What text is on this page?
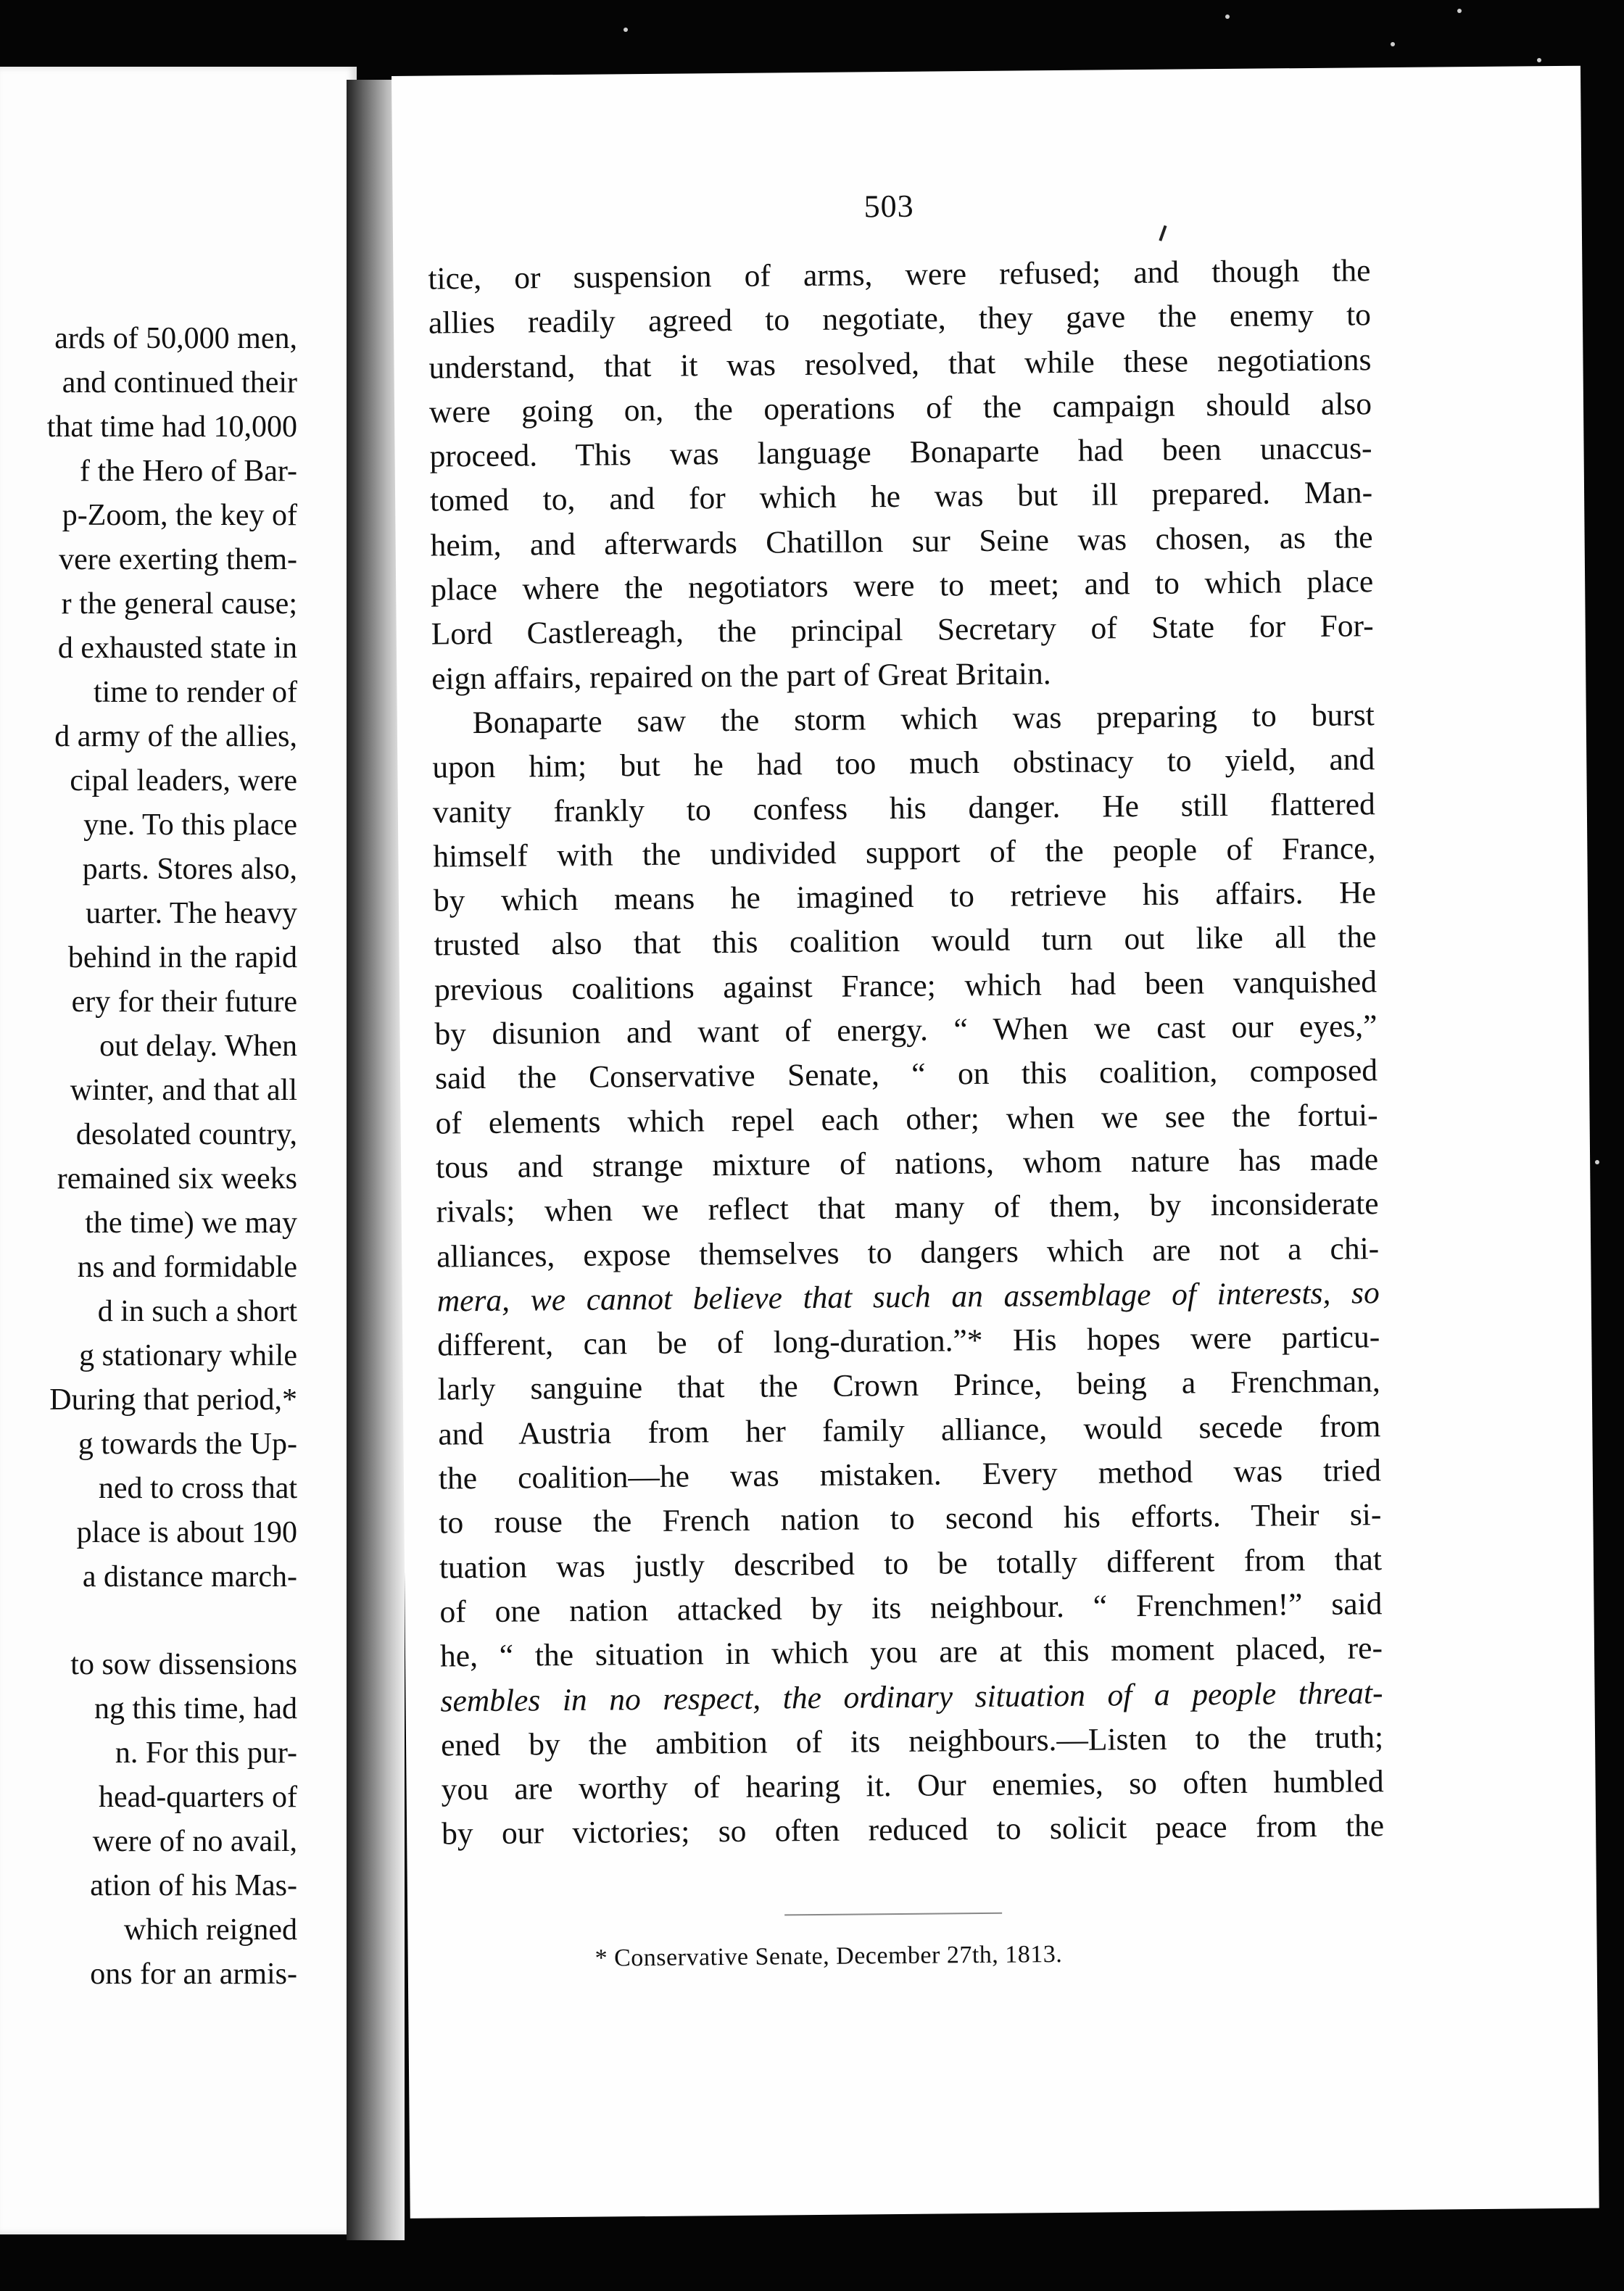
ards of 50,000 men,
and continued their
that time had 10,000
f the Hero of Bar-
p-Zoom, the key of
vere exerting them-
r the general cause;
d exhausted state in
time to render of
d army of the allies,
cipal leaders, were
yne. To this place
parts. Stores also,
uarter. The heavy
behind in the rapid
ery for their future
out delay. When
winter, and that all
desolated country,
remained six weeks
the time) we may
ns and formidable
d in such a short
g stationary while
During that period,*
g towards the Up-
ned to cross that
place is about 190
a distance march-
to sow dissensions
ng this time, had
n. For this pur-
head-quarters of
were of no avail,
ation of his Mas-
which reigned
ons for an armis-
503
tice, or suspension of arms, were refused; and though the
allies readily agreed to negotiate, they gave the enemy to
understand, that it was resolved, that while these negotiations
were going on, the operations of the campaign should also
proceed. This was language Bonaparte had been unaccus-
tomed to, and for which he was but ill prepared. Man-
heim, and afterwards Chatillon sur Seine was chosen, as the
place where the negotiators were to meet; and to which place
Lord Castlereagh, the principal Secretary of State for For-
eign affairs, repaired on the part of Great Britain.
Bonaparte saw the storm which was preparing to burst
upon him; but he had too much obstinacy to yield, and
vanity frankly to confess his danger. He still flattered
himself with the undivided support of the people of France,
by which means he imagined to retrieve his affairs. He
trusted also that this coalition would turn out like all the
previous coalitions against France; which had been vanquished
by disunion and want of energy. “ When we cast our eyes,”
said the Conservative Senate, “ on this coalition, composed
of elements which repel each other; when we see the fortui-
tous and strange mixture of nations, whom nature has made
rivals; when we reflect that many of them, by inconsiderate
alliances, expose themselves to dangers which are not a chi-
mera, we cannot believe that such an assemblage of interests, so
different, can be of long-duration.”* His hopes were particu-
larly sanguine that the Crown Prince, being a Frenchman,
and Austria from her family alliance, would secede from
the coalition—he was mistaken. Every method was tried
to rouse the French nation to second his efforts. Their si-
tuation was justly described to be totally different from that
of one nation attacked by its neighbour. “ Frenchmen!” said
he, “ the situation in which you are at this moment placed, re-
sembles in no respect, the ordinary situation of a people threat-
ened by the ambition of its neighbours.—Listen to the truth;
you are worthy of hearing it. Our enemies, so often humbled
by our victories; so often reduced to solicit peace from the
* Conservative Senate, December 27th, 1813.
